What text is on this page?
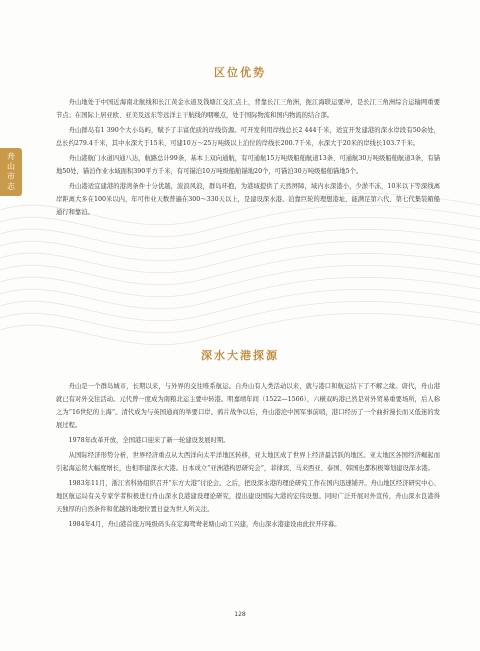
舟山市志
区位优势

舟山地处于中国近海南北航线和长江黄金水道及钱塘江交汇点上，背靠长江三角洲，扼江海联运要冲，是长江三角洲综合运输网重要节点；在国际上居亚欧、亚美及远东等远洋主干航线的咽喉点，处于国际物流和国内物流的结合部。

舟山群岛有1 390个大小岛屿，赋予了丰富优质的岸线资源。可开发利用岸线总长2 444千米，适宜开发建港的深水岸段有50余处，总长约279.4千米，其中水深大于15米、可建10万～25万吨级以上泊位的岸线长200.7千米，水深大于20米的岸线长103.7千米。

舟山港航门水道四通八达，航路总计99条，基本上双向通航，有可通航15万吨级船舶航道13条、可通航30万吨级船舶航道3条，有锚地50处，锚泊作业水域面积390平方千米，有可锚泊10万吨级船舶锚地20个，可锚泊30万吨级船舶锚地5个。

舟山港适宜建港的港湾条件十分优越，波浪风浪，群岛环抱，为港域提供了天然屏障，域内水深港小，少淤不冻，10米以下等深线离岸距离大多在100米以内，年可作业天数普遍在300～330天以上，是建设深水港、泊靠巨轮的理想港址，能满足第六代、第七代集装箱船通行和靠泊。

深水大港探源

舟山是一个群岛城市，长期以来，与外界的交往唯系航运。自舟山有人类活动以来，就与港口和航运结下了不解之缘。唐代，舟山港就已有对外交往活动。元代曾一度成为南粮北运主要中转港。明嘉靖年间（1522—1566），六横双屿港已然是对外贸易重要场所，后人称之为“16世纪的上海”。清代成为与英国通商的举要口岸。鸦片战争以后，舟山港沦中国军事前哨，港口经历了一个曲折漫长而又低迷的发展过程。

1978年改革开放，全国港口迎来了新一轮建设发展时期。

从国际经济形势分析，世界经济重点从大西洋向太平洋地区转移，亚太地区成了世界上经济最活跃的地区。亚太地区各国经济崛起而引起海运贸大幅度增长，也相率建深水大港。日本成立“亚洲港构思研究会”，菲律宾、马来西亚、泰国、韩国也都积极筹划建设深水港。

1983年11月，浙江省科协组织召开“东方大港”讨论会。之后，把设深水港的理论研究工作在国内迅速铺开。舟山地区经济研究中心、地区航运局有关专家学者积极进行舟山深水良港建设理论研究，提出建设国际大港的宏伟设想。同时广泛开展对外宣传，舟山深水良港得天独厚的自然条件和优越的地理位置日益为世人所关注。

1984年4月，舟山港首座万吨级码头在定海鸳鸯老塘山动工兴建，舟山深水港建设由此拉开序幕。

128
